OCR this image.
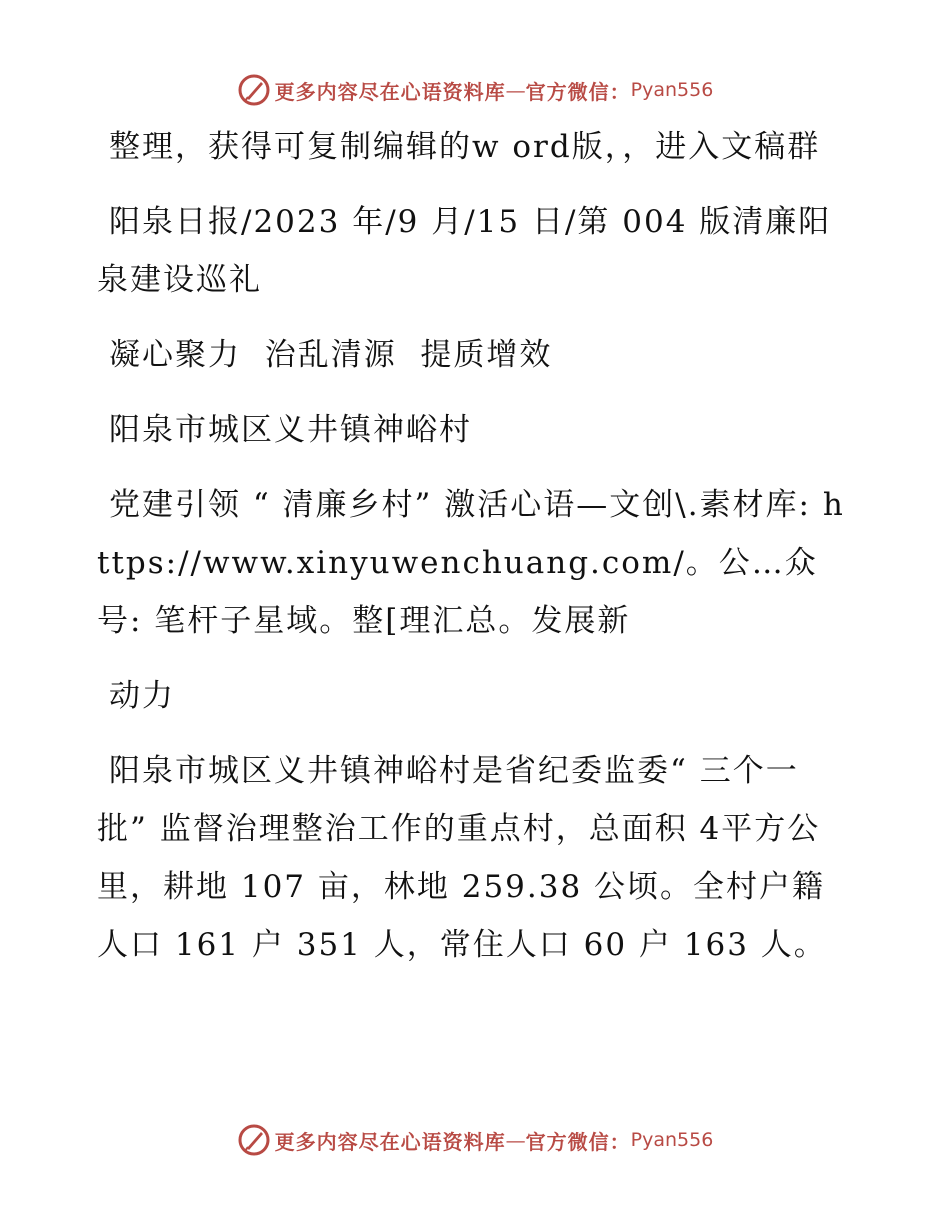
更多内容尽在心语资料库 — 官方微信： Pyan556

整理，获得可复制编辑的w ord版，，进入文稿群

阳泉日报/2023 年/9 月/15 日/第 004 版清廉阳泉建设巡礼

凝心聚力  治乱清源  提质增效

阳泉市城区义井镇神峪村

党建引领 “ 清廉乡村” 激活心语—文创\.素材库: https://www.xinyuwenchuang.com/。公…众号: 笔杆子星域。整[理汇总。发展新

动力

阳泉市城区义井镇神峪村是省纪委监委“ 三个一批” 监督治理整治工作的重点村，总面积 4平方公里，耕地 107 亩，林地 259.38 公顷。全村户籍人口 161 户 351 人，常住人口 60 户 163 人。

更多内容尽在心语资料库 — 官方微信： Pyan556
